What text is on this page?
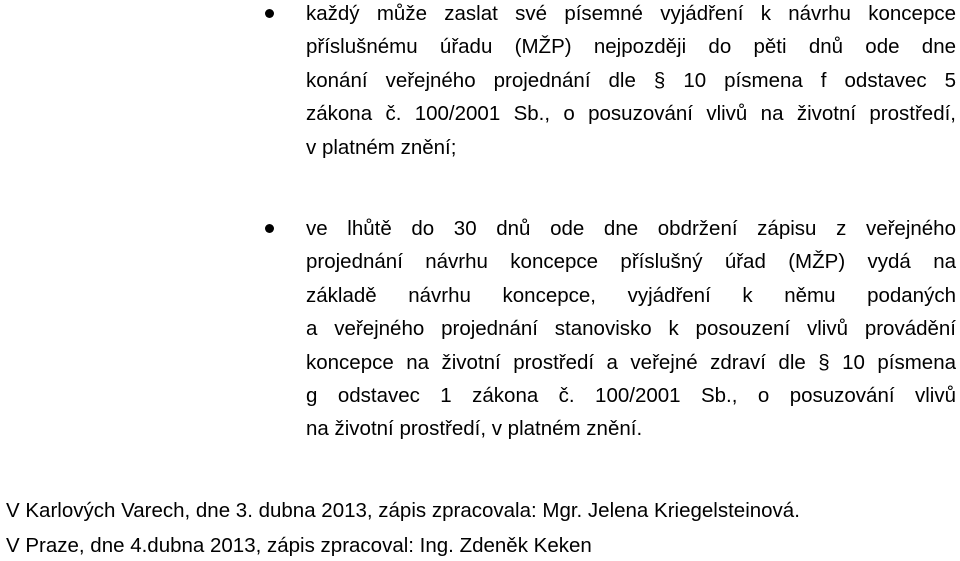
každý může zaslat své písemné vyjádření k návrhu koncepce
příslušnému úřadu (MŽP) nejpozději do pěti dnů ode dne
konání veřejného projednání dle § 10 písmena f odstavec 5
zákona č. 100/2001 Sb., o posuzování vlivů na životní prostředí,
v platném znění;

ve lhůtě do 30 dnů ode dne obdržení zápisu z veřejného
projednání návrhu koncepce příslušný úřad (MŽP) vydá na
základě návrhu koncepce, vyjádření k němu podaných
a veřejného projednání stanovisko k posouzení vlivů provádění
koncepce na životní prostředí a veřejné zdraví dle § 10 písmena
g odstavec 1 zákona č. 100/2001 Sb., o posuzování vlivů
na životní prostředí, v platném znění.

V Karlových Varech, dne 3. dubna 2013, zápis zpracovala: Mgr. Jelena Kriegelsteinová.

V Praze, dne 4.dubna 2013, zápis zpracoval: Ing. Zdeněk Keken
